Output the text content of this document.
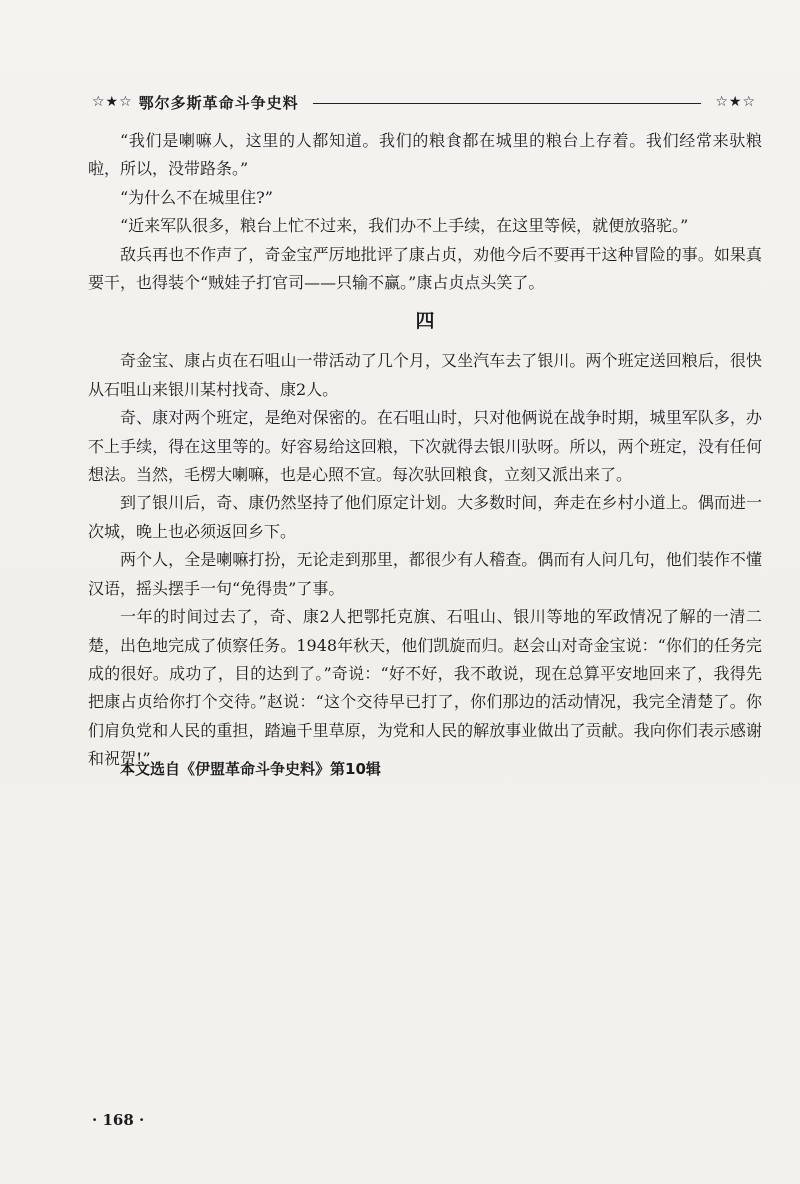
☆★☆ 鄂尔多斯革命斗争史料	☆★☆

“我们是喇嘛人，这里的人都知道。我们的粮食都在城里的粮台上存着。我们经常来驮粮啦，所以，没带路条。”

“为什么不在城里住?”

“近来军队很多，粮台上忙不过来，我们办不上手续，在这里等候，就便放骆驼。”

敌兵再也不作声了，奇金宝严厉地批评了康占贞，劝他今后不要再干这种冒险的事。如果真要干，也得装个“贼娃子打官司——只输不赢。”康占贞点头笑了。

四

奇金宝、康占贞在石咀山一带活动了几个月，又坐汽车去了银川。两个班定送回粮后，很快从石咀山来银川某村找奇、康2人。

奇、康对两个班定，是绝对保密的。在石咀山时，只对他俩说在战争时期，城里军队多，办不上手续，得在这里等的。好容易给这回粮，下次就得去银川驮呀。所以，两个班定，没有任何想法。当然，毛楞大喇嘛，也是心照不宣。每次驮回粮食，立刻又派出来了。

到了银川后，奇、康仍然坚持了他们原定计划。大多数时间，奔走在乡村小道上。偶而进一次城，晚上也必须返回乡下。

两个人，全是喇嘛打扮，无论走到那里，都很少有人稽查。偶而有人问几句，他们装作不懂汉语，摇头摆手一句“免得贵”了事。

一年的时间过去了，奇、康2人把鄂托克旗、石咀山、银川等地的军政情况了解的一清二楚，出色地完成了侦察任务。1948年秋天，他们凯旋而归。赵会山对奇金宝说：“你们的任务完成的很好。成功了，目的达到了。”奇说：“好不好，我不敢说，现在总算平安地回来了，我得先把康占贞给你打个交待。”赵说：“这个交待早已打了，你们那边的活动情况，我完全清楚了。你们肩负党和人民的重担，踏遍千里草原，为党和人民的解放事业做出了贡献。我向你们表示感谢和祝贺!”

本文选自《伊盟革命斗争史料》第10辑
· 168 ·
